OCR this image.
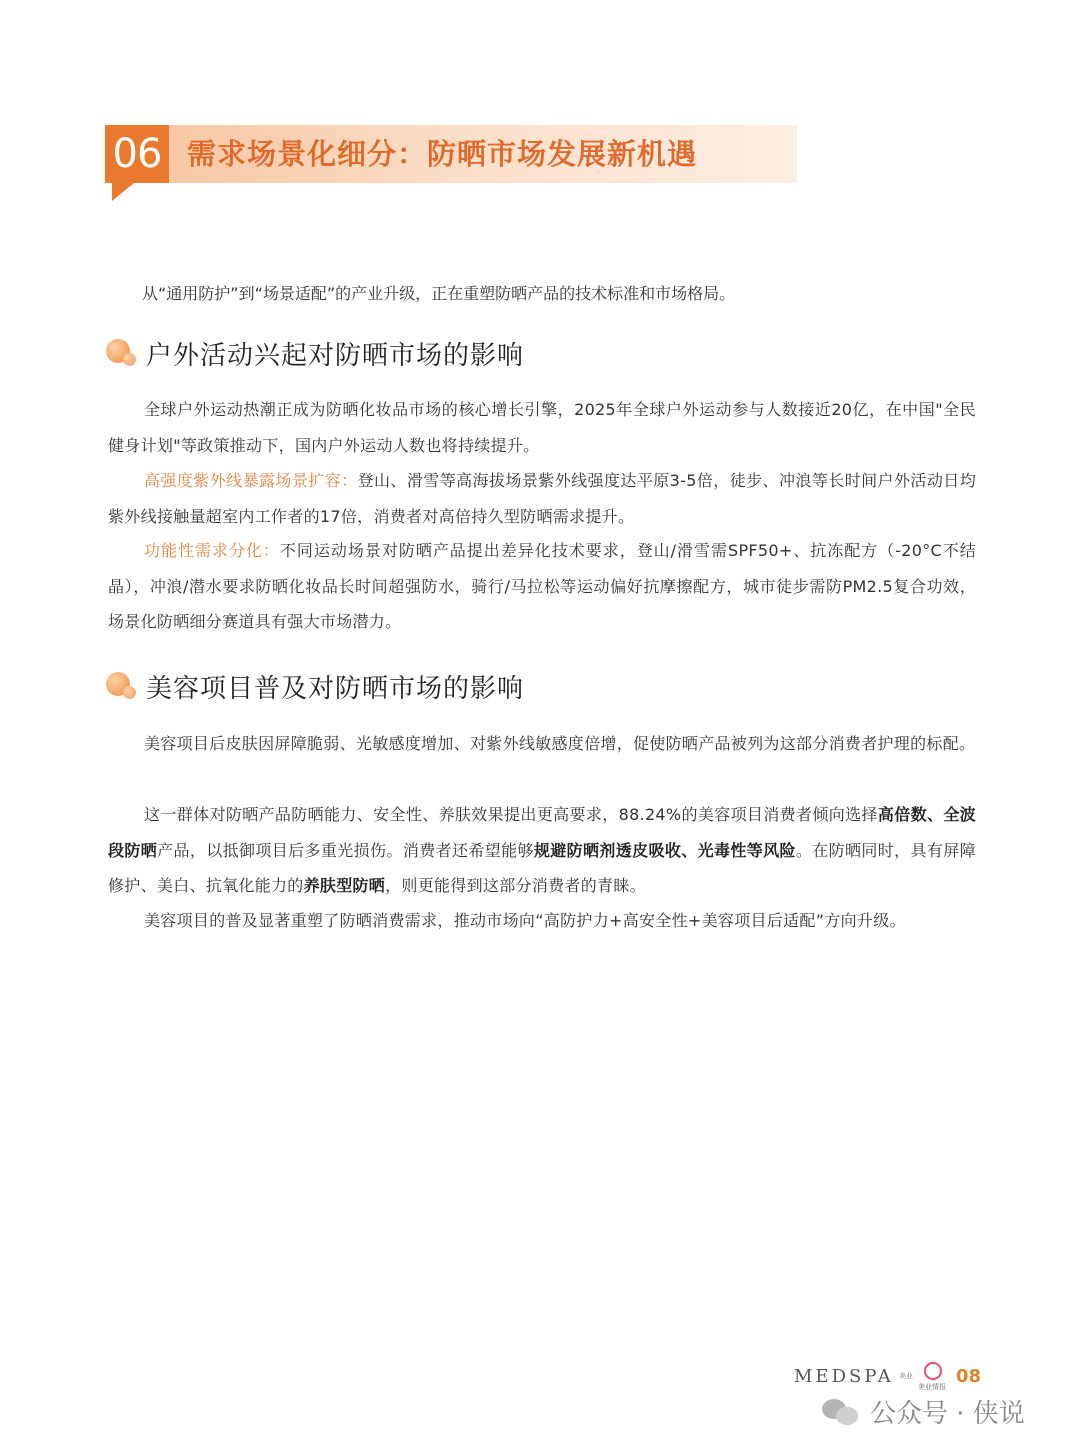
06 需求场景化细分：防晒市场发展新机遇
从“通用防护”到“场景适配”的产业升级，正在重塑防晒产品的技术标准和市场格局。
户外活动兴起对防晒市场的影响
全球户外运动热潮正成为防晒化妆品市场的核心增长引擎，2025年全球户外运动参与人数接近20亿，在中国"全民健身计划"等政策推动下，国内户外运动人数也将持续提升。
高强度紫外线暴露场景扩容：登山、滑雪等高海拔场景紫外线强度达平原3-5倍，徒步、冲浪等长时间户外活动日均紫外线接触量超室内工作者的17倍，消费者对高倍持久型防晒需求提升。
功能性需求分化：不同运动场景对防晒产品提出差异化技术要求，登山/滑雪需SPF50+、抗冻配方（-20°C不结晶），冲浪/潜水要求防晒化妆品长时间超强防水，骑行/马拉松等运动偏好抗摩擦配方，城市徒步需防PM2.5复合功效，场景化防晒细分赛道具有强大市场潜力。
美容项目普及对防晒市场的影响
美容项目后皮肤因屏障脆弱、光敏感度增加、对紫外线敏感度倍增，促使防晒产品被列为这部分消费者护理的标配。
这一群体对防晒产品防晒能力、安全性、养肤效果提出更高要求，88.24%的美容项目消费者倾向选择高倍数、全波段防晒产品，以抵御项目后多重光损伤。消费者还希望能够规避防晒剂透皮吸收、光毒性等风险。在防晒同时，具有屏障修护、美白、抗氧化能力的养肤型防晒，则更能得到这部分消费者的青睐。
美容项目的普及显著重塑了防晒消费需求，推动市场向“高防护力+高安全性+美容项目后适配”方向升级。
MEDSPA 美业
美业情报 08
公众号 · 侠说
